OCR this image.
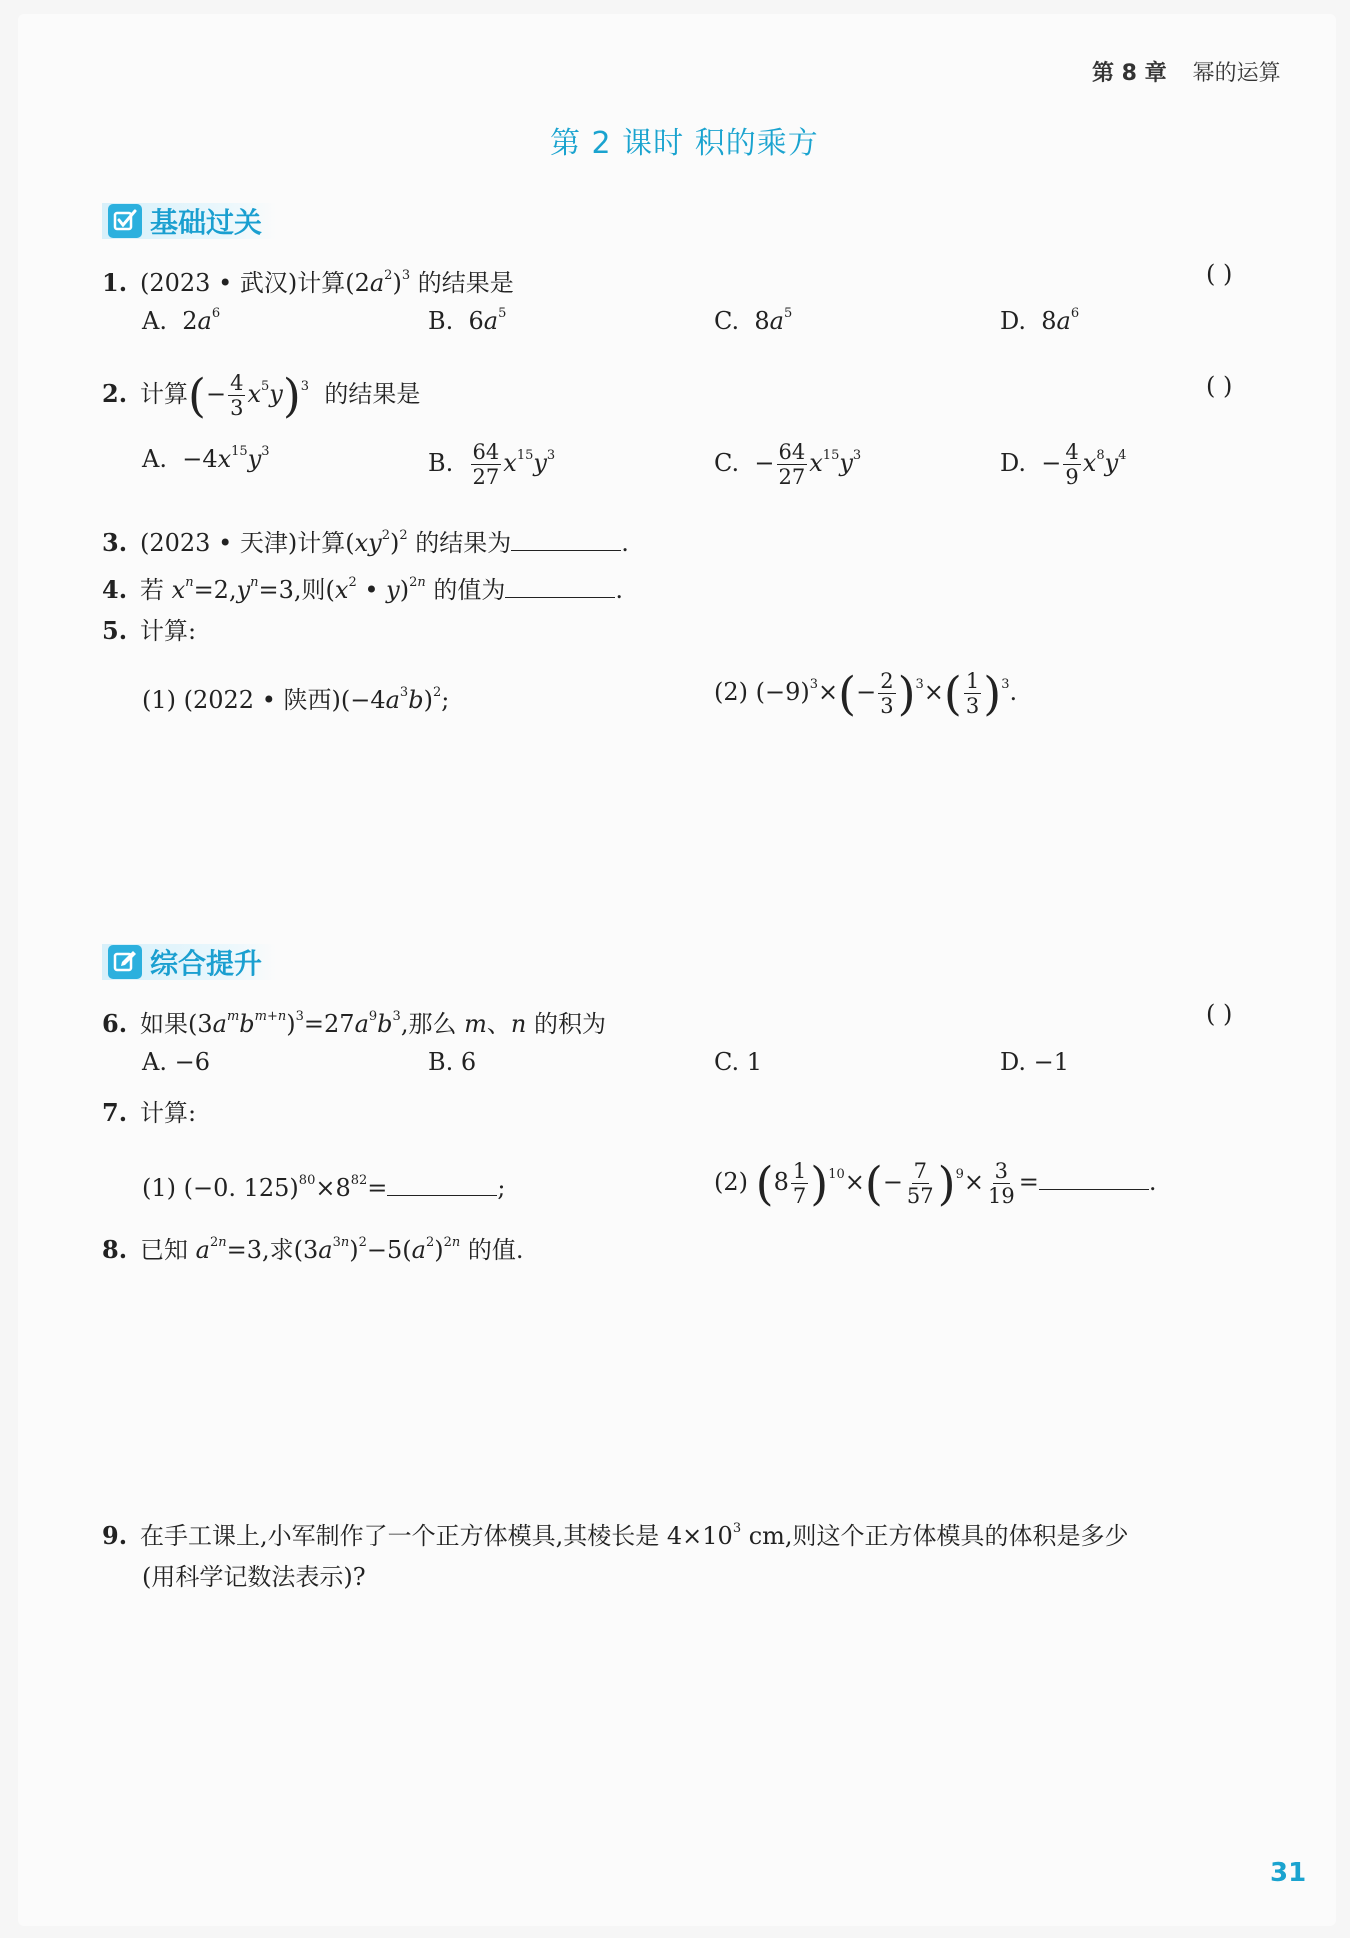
第 8 章 幂的运算
第 2 课时 积的乘方
基础过关
1. (2023 • 武汉)计算$(2a^2)^3$ 的结果是	( )
A.  $2a^6$	B.  $6a^5$	C.  $8a^5$	D.  $8a^6$
2. 计算(− $\frac{4}{3} x^5y)^3$ 的结果是	( )
A.  $-4x^{15}y^3$	B. $\frac{64}{27} x^{15}y^3$	C.  − $\frac{64}{27} x^{15}y^3$	D.  − $\frac{4}{9} x^8y^4$
3. (2023 • 天津)计算$(xy^2)^2$ 的结果为	.
4. 若 $x^n=2,y^n=3$,则($x^2$ • y)$^{2n}$ 的值为	.
5. 计算:
(1) (2022 • 陕西)$(-4a^3b)^2$;	(2) $(-9)^3\times(- \frac{2}{3} )^3\times( \frac{1}{3} )^3$.
综合提升
6. 如果$(3a^mb^{m+n})^3=27a^9b^3$,那么 m、n 的积为	( )
A. −6	B. 6	C. 1	D. −1
7. 计算:
(1) (−0. $125)^{80}\times 8^{82}=$	;	(2) $(8 \frac{1}{7} )^{10}\times(- \frac{7}{57} )^9\times \frac{3}{19}$ =	.
8. 已知 $a^{2n}=3$,求$(3a^{3n})^2-5(a^2)^{2n}$ 的值.
9. 在手工课上,小军制作了一个正方体模具,其棱长是 $4\times 10^3$ cm,则这个正方体模具的体积是多少
(用科学记数法表示)?
31
